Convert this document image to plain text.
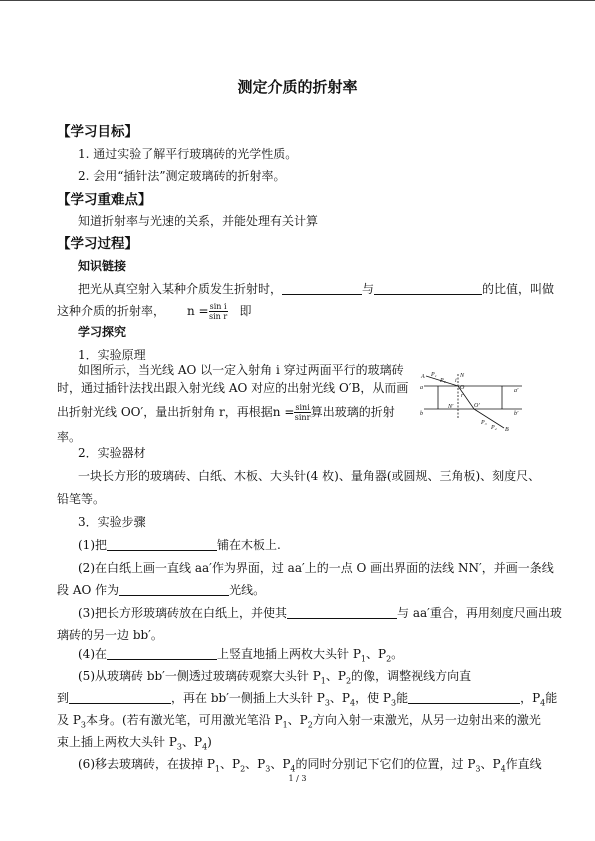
测定介质的折射率
【学习目标】
1. 通过实验了解平行玻璃砖的光学性质。
2. 会用“插针法”测定玻璃砖的折射率。
【学习重难点】
知道折射率与光速的关系，并能处理有关计算
【学习过程】
知识链接
把光从真空射入某种介质发生折射时，	与	的比值，叫做
这种介质的折射率， $n = \frac{\text{sin i}}{\text{sin r}}$ 即
学习探究
1．实验原理
如图所示，当光线 AO 以一定入射角 i 穿过两面平行的玻璃砖
时，通过插针法找出跟入射光线 AO 对应的出射光线 O′B，从而画
出折射光线 OO′，量出折射角 r，再根据$n = \frac{\sin i}{\sin r}$ 算出玻璃的折射
率。
2．实验器材
一块长方形的玻璃砖、白纸、木板、大头针(4 枚)、量角器(或圆规、三角板)、刻度尺、
铅笔等。
3．实验步骤
(1)把	铺在木板上.
(2)在白纸上画一直线 aa′作为界面，过 aa′上的一点 O 画出界面的法线 NN′，并画一条线
段 AO 作为	光线。
(3)把长方形玻璃砖放在白纸上，并使其	与 aa′重合，再用刻度尺画出玻
璃砖的另一边 bb′。
(4)在	上竖直地插上两枚大头针 $P_1$、$P_2$。
(5)从玻璃砖 bb′一侧透过玻璃砖观察大头针 $P_1$、$P_2$的像，调整视线方向直
到	，再在 bb′一侧插上大头针 $P_3$、$P_4$，使 $P_3$能	，$P_4$能
及 $P_3$本身。(若有激光笔，可用激光笔沿 $P_1$、$P_2$方向入射一束激光，从另一边射出来的激光
束上插上两枚大头针 $P_3$、$P_4$)
(6)移去玻璃砖，在拔掉 $P_1$、$P_2$、$P_3$、$P_4$的同时分别记下它们的位置，过 $P_3$、$P_4$作直线
A P₁
P₂
N
i
O
a	a′
b	b′
r
N′	O′
P₃
P₄ B
1 / 3
